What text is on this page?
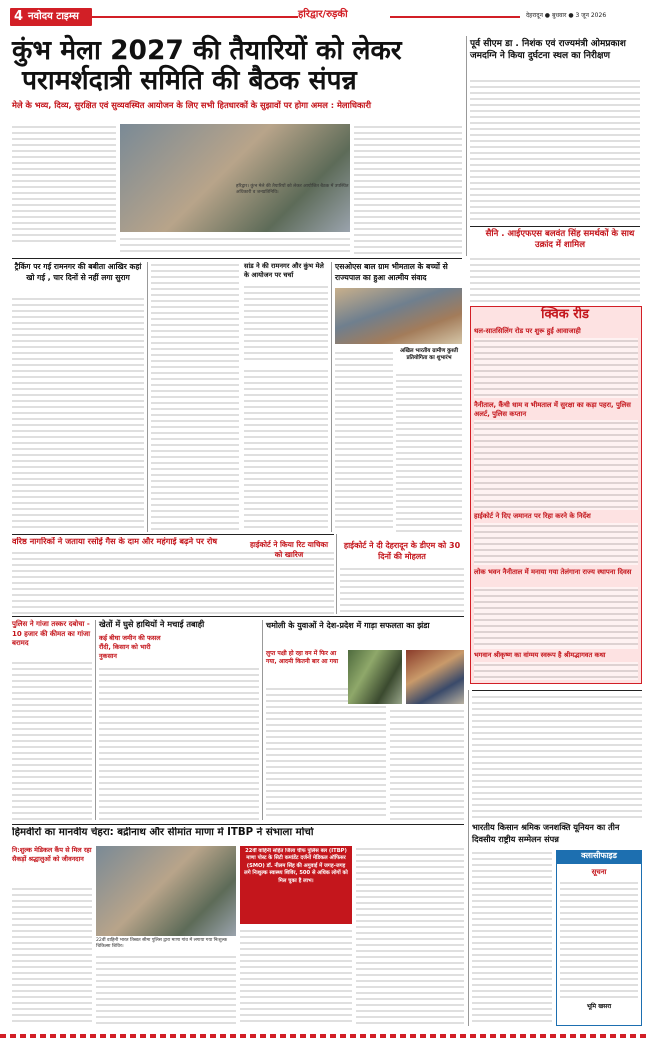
4 नवोदय टाइम्स	हरिद्वार/रुड़की	देहरादून ● बुधवार ● 3 जून 2026
कुंभ मेला 2027 की तैयारियों को लेकर
परामर्शदात्री समिति की बैठक संपन्न
मेले के भव्य, दिव्य, सुरक्षित एवं सुव्यवस्थित आयोजन के लिए सभी हितधारकों के सुझावों पर होगा अमल : मेलाधिकारी
हरिद्वार। कुंभ मेले की तैयारियों को लेकर आयोजित बैठक में उपस्थित अधिकारी व जनप्रतिनिधि।
पूर्व सीएम डा . निशंक एवं राज्यमंत्री ओमप्रकाश जमदग्नि ने किया दुर्घटना स्थल का निरीक्षण
सैनि . आईएफएस बलवंत सिंह समर्थकों के साथ उक्रांद में शामिल
क्विक रीड
थल-सातसिलिंग रोड पर शुरू हुई आवाजाही
नैनीताल, कैंची धाम व भीमताल में सुरक्षा का कड़ा पहरा, पुलिस अलर्ट, पुलिस कप्तान
हाईकोर्ट ने दिए जमानत पर रिहा करने के निर्देश
लोक भवन नैनीताल में मनाया गया तेलंगाना राज्य स्थापना दिवस
भगवान श्रीकृष्ण का वांग्मय स्वरूप है श्रीमद्भागवत कथा
ट्रैकिंग पर गई रामनगर की बबीता आखिर कहां खो गई , चार दिनों से नहीं लगा सुराग
सांड ने की रामनगर और कुंभ मेले के आयोजन पर चर्चा
एसओएस बाल ग्राम भीमताल के बच्चों से राज्यपाल का हुआ आत्मीय संवाद
अखिल भारतीय ग्रामीण कुश्ती प्रतियोगिता का शुभारंभ
वरिष्ठ नागरिकों ने जताया रसोई गैस के दाम और महंगाई बढ़ने पर रोष	हाईकोर्ट ने किया रिट याचिका को खारिज
हाईकोर्ट ने दी देहरादून के डीएम को 30 दिनों की मोहलत
पुलिस ने गांजा तस्कर दबोचा - 10 हजार की कीमत का गांजा बरामद
खेतों में घुसे हाथियों ने मचाई तबाही
कई बीघा जमीन की फसल रौंदी, किसान को भारी नुकसान
चमोली के युवाओं ने देश-प्रदेश में गाड़ा सफलता का झंडा
लुप्त पक्षी हो रहा वन में फिर आ गया, आदमी कितनी बार आ गया
हिमवीरों का मानवीय चेहरा: बद्रीनाथ और सीमांत माणा में ITBP ने संभाला मोर्चा
नि:शुल्क मेडिकल कैंप से मिल रहा सैकड़ों श्रद्धालुओं को जीवनदान
22वीं वाहिनी भारत तिब्बत सीमा पुलिस द्वारा माणा गांव में लगाया गया निःशुल्क चिकित्सा शिविर।
22वीं वाहिनी सहित जिला चीफ पुलिस बल (ITBP) माणा पोस्ट के सिटी कमांडेंट दर्जनों मेडिकल ऑफिसर (SMO) डॉ. नीलम सिंह की अगुवाई में जगह-जगह लगे निःशुल्क स्वास्थ्य शिविर, 500 से अधिक लोगों को मिल चुका है लाभ।
भारतीय किसान श्रमिक जनशक्ति यूनियन का तीन दिवसीय राष्ट्रीय सम्मेलन संपन्न
क्लासीफाइड
सूचना
भूमि खसरा
